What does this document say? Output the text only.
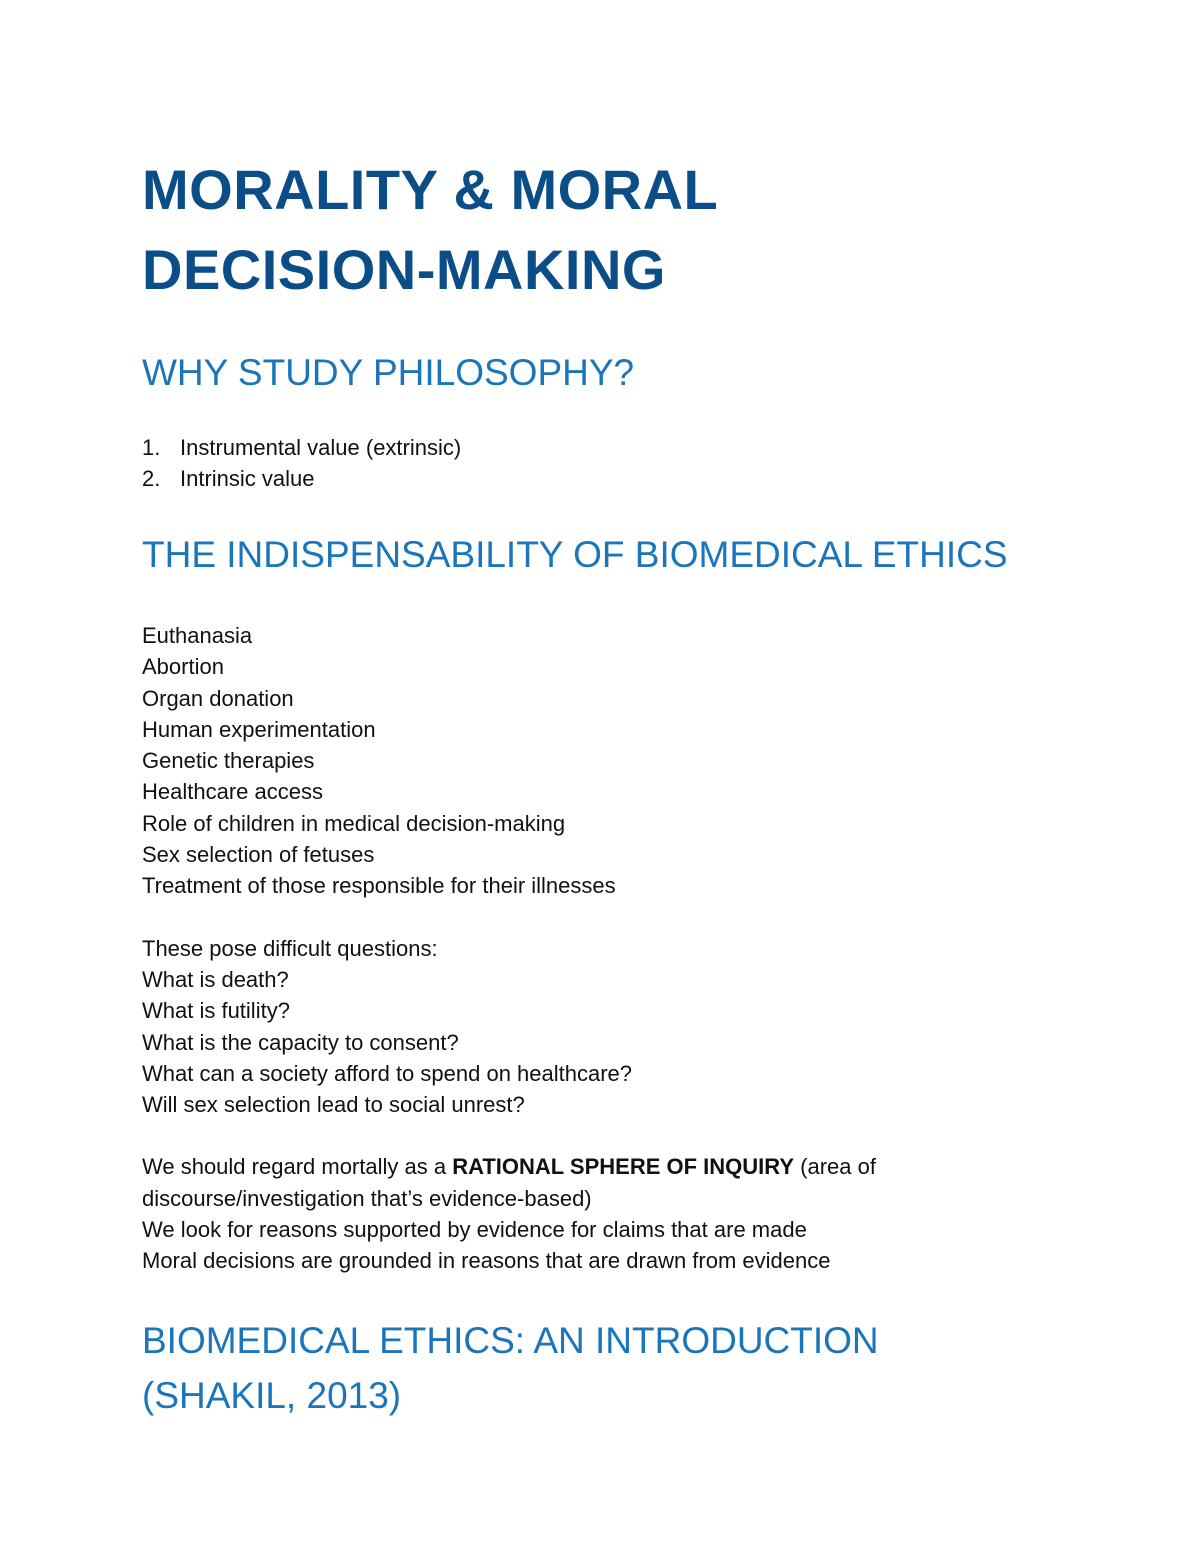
MORALITY & MORAL
DECISION-MAKING
WHY STUDY PHILOSOPHY?
1. Instrumental value (extrinsic)
2. Intrinsic value
THE INDISPENSABILITY OF BIOMEDICAL ETHICS
Euthanasia
Abortion
Organ donation
Human experimentation
Genetic therapies
Healthcare access
Role of children in medical decision-making
Sex selection of fetuses
Treatment of those responsible for their illnesses
These pose difficult questions:
What is death?
What is futility?
What is the capacity to consent?
What can a society afford to spend on healthcare?
Will sex selection lead to social unrest?
We should regard mortally as a RATIONAL SPHERE OF INQUIRY (area of
discourse/investigation that’s evidence-based)
We look for reasons supported by evidence for claims that are made
Moral decisions are grounded in reasons that are drawn from evidence
BIOMEDICAL ETHICS: AN INTRODUCTION
(SHAKIL, 2013)
